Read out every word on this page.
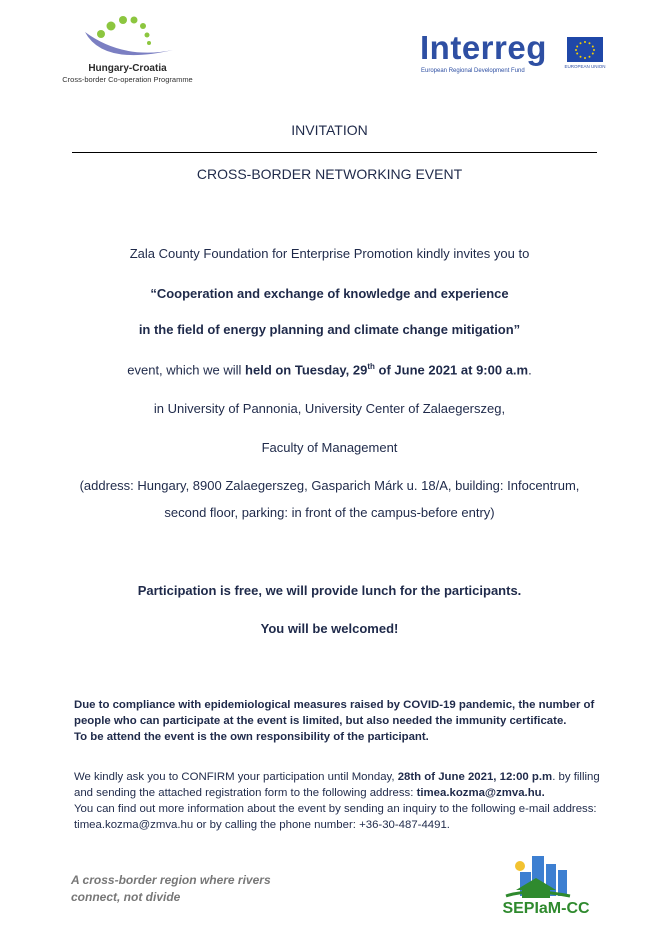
Hungary-Croatia
Cross-border Co-operation Programme
Interreg
European Regional Development Fund
EUROPEAN UNION
INVITATION
CROSS-BORDER NETWORKING EVENT
Zala County Foundation for Enterprise Promotion kindly invites you to
“Cooperation and exchange of knowledge and experience
in the field of energy planning and climate change mitigation”
event, which we will held on Tuesday, 29th of June 2021 at 9:00 a.m.
in University of Pannonia, University Center of Zalaegerszeg,
Faculty of Management
(address: Hungary, 8900 Zalaegerszeg, Gasparich Márk u. 18/A, building: Infocentrum,
second floor, parking: in front of the campus-before entry)
Participation is free, we will provide lunch for the participants.
You will be welcomed!
Due to compliance with epidemiological measures raised by COVID-19 pandemic, the number of
people who can participate at the event is limited, but also needed the immunity certificate.
To be attend the event is the own responsibility of the participant.
We kindly ask you to CONFIRM your participation until Monday, 28th of June 2021, 12:00 p.m. by filling
and sending the attached registration form to the following address: timea.kozma@zmva.hu.
You can find out more information about the event by sending an inquiry to the following e-mail address:
timea.kozma@zmva.hu or by calling the phone number: +36-30-487-4491.
A cross-border region where rivers
connect, not divide
SEPIaM-CC
